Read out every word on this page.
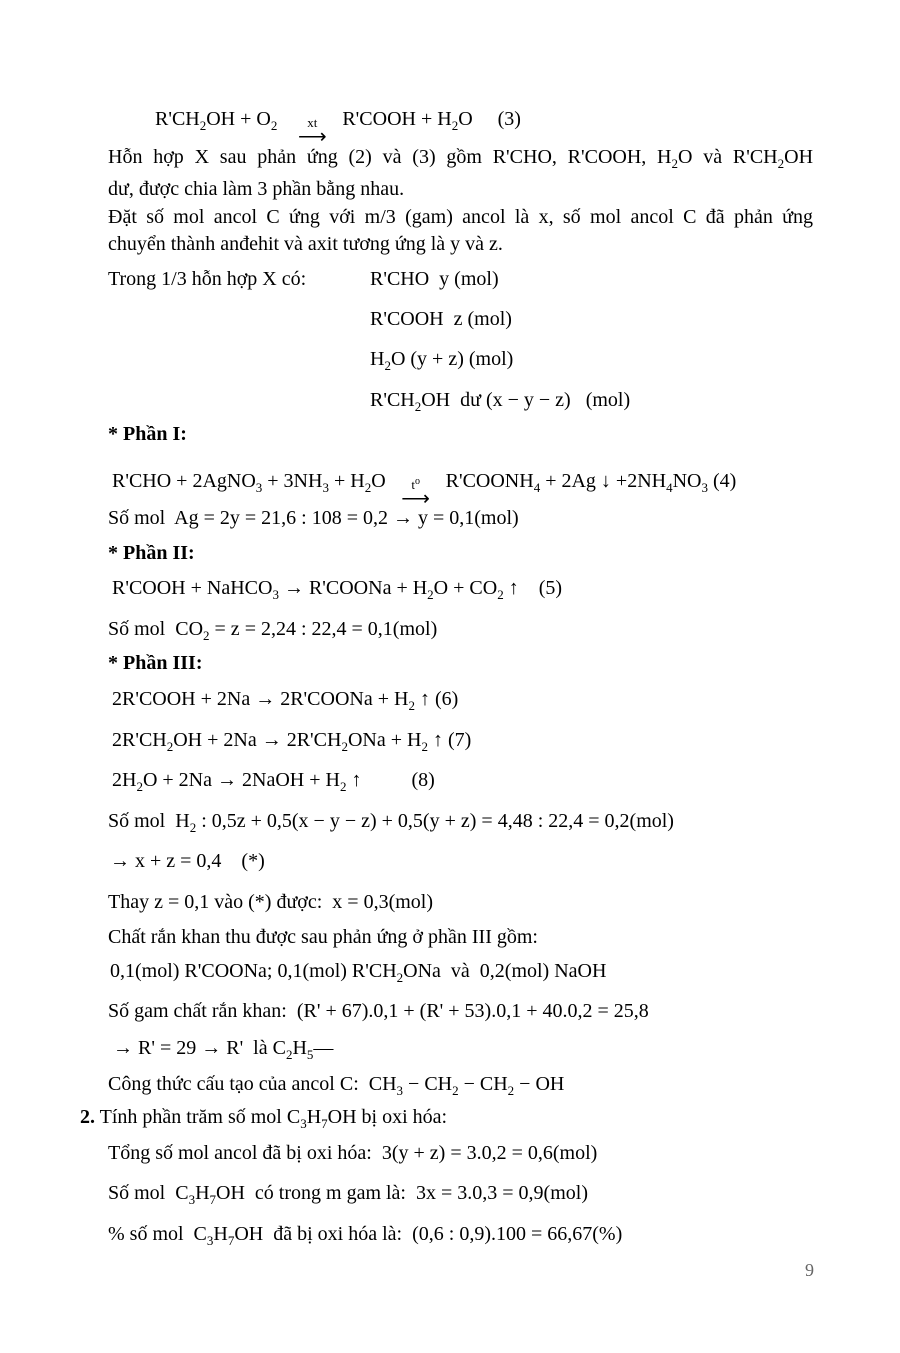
$R'CH_2OH + O_2$ xt
⟶
R'COOH + $H_2O$     (3)
Hỗn hợp X sau phản ứng (2) và (3) gồm R'CHO, R'COOH, $H_2O$ và $R'CH_2OH$
dư, được chia làm 3 phần bằng nhau.
Đặt số mol ancol C ứng với m/3 (gam) ancol là x, số mol ancol C đã phản ứng
chuyển thành anđehit và axit tương ứng là y và z.
Trong 1/3 hỗn hợp X có:	R'CHO  y (mol)
R'COOH  z (mol)
$H_2O$ (y + z) (mol)
$R'CH_2OH$  dư (x − y − z)   (mol)
* Phần I:
R'CHO + 2AgNO$_3$ + $3NH_3 + H_2O$ $t^o$
⟶
$R'COONH_4 + 2Ag$ ↓ $+2NH_4NO_3$ (4)
Số mol  Ag = 2y = 21,6 : 108 = 0,2 → y = 0,1(mol)
* Phần II:
R'COOH + NaHCO$_3$ → R'COONa + $H_2O + CO_2$ ↑    (5)
Số mol  $CO_2 = z = 2,24$ : 22,4 = 0,1(mol)
* Phần III:
2R'COOH + 2Na → 2R'COONa + $H_2$ ↑ (6)
$2R'CH_2OH + 2Na \to 2R'CH_2ONa + H_2$ ↑ (7)
$2H_2O + 2Na$ → 2NaOH + $H_2$ ↑          (8)
Số mol  $H_2$ : 0,5z + 0,5(x − y − z) + 0,5(y + z) = 4,48 : 22,4 = 0,2(mol)
→ x + z = 0,4    (*)
Thay z = 0,1 vào (*) được:  x = 0,3(mol)
Chất rắn khan thu được sau phản ứng ở phần III gồm:
0,1(mol) R'COONa; 0,1(mol) $R'CH_2ONa$  và  0,2(mol) NaOH
Số gam chất rắn khan:  (R' + 67).0,1 + (R' + 53).0,1 + 40.0,2 = 25,8
→ R' = 29 → R'  là $C_2H_5—$
Công thức cấu tạo của ancol C:  $CH_3 - CH_2 - CH_2$ − OH
2. Tính phần trăm số mol $C_3H_7OH$ bị oxi hóa:
Tổng số mol ancol đã bị oxi hóa:  3(y + z) = 3.0,2 = 0,6(mol)
Số mol  $C_3H_7OH$  có trong m gam là:  3x = 3.0,3 = 0,9(mol)
% số mol  $C_3H_7OH$  đã bị oxi hóa là:  (0,6 : 0,9).100 = 66,67(%)
9
